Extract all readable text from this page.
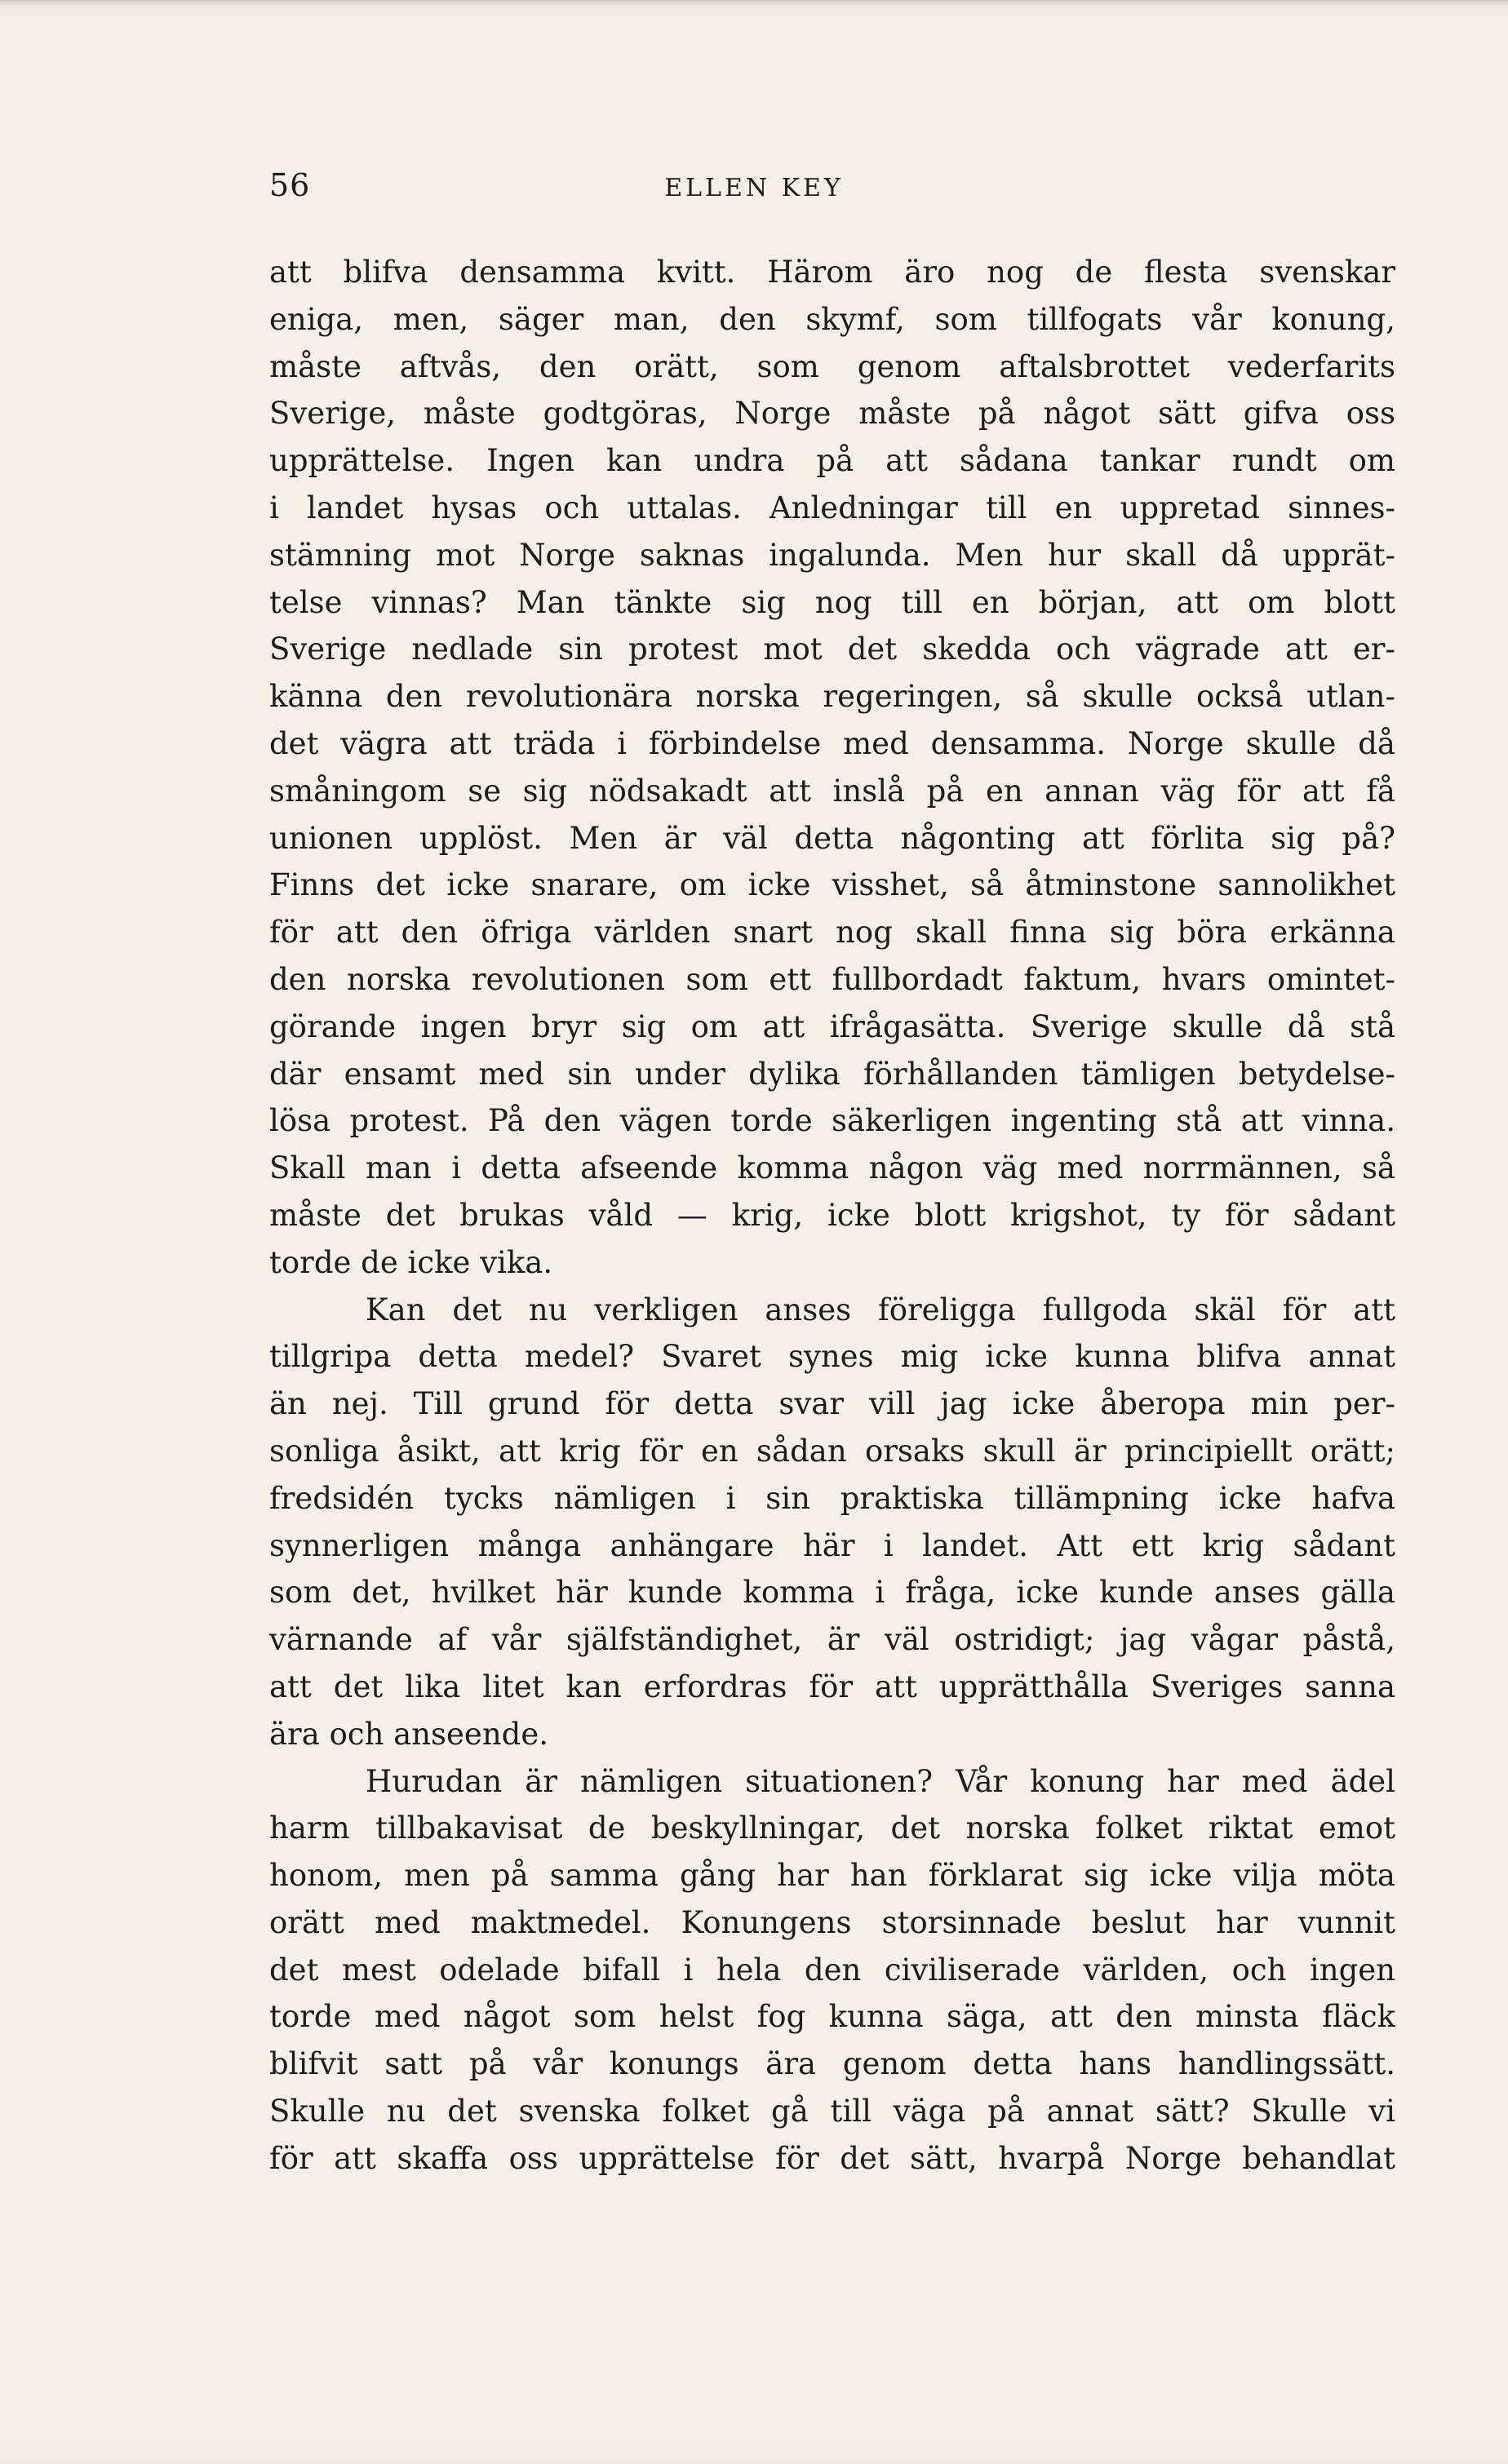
56	ELLEN KEY
att blifva densamma kvitt. Härom äro nog de flesta svenskar
eniga, men, säger man, den skymf, som tillfogats vår konung,
måste aftvås, den orätt, som genom aftalsbrottet vederfarits
Sverige, måste godtgöras, Norge måste på något sätt gifva oss
upprättelse. Ingen kan undra på att sådana tankar rundt om
i landet hysas och uttalas. Anledningar till en uppretad sinnes-
stämning mot Norge saknas ingalunda. Men hur skall då upprät-
telse vinnas? Man tänkte sig nog till en början, att om blott
Sverige nedlade sin protest mot det skedda och vägrade att er-
känna den revolutionära norska regeringen, så skulle också utlan-
det vägra att träda i förbindelse med densamma. Norge skulle då
småningom se sig nödsakadt att inslå på en annan väg för att få
unionen upplöst. Men är väl detta någonting att förlita sig på?
Finns det icke snarare, om icke visshet, så åtminstone sannolikhet
för att den öfriga världen snart nog skall finna sig böra erkänna
den norska revolutionen som ett fullbordadt faktum, hvars omintet-
görande ingen bryr sig om att ifrågasätta. Sverige skulle då stå
där ensamt med sin under dylika förhållanden tämligen betydelse-
lösa protest. På den vägen torde säkerligen ingenting stå att vinna.
Skall man i detta afseende komma någon väg med norrmännen, så
måste det brukas våld — krig, icke blott krigshot, ty för sådant
torde de icke vika.
Kan det nu verkligen anses föreligga fullgoda skäl för att
tillgripa detta medel? Svaret synes mig icke kunna blifva annat
än nej. Till grund för detta svar vill jag icke åberopa min per-
sonliga åsikt, att krig för en sådan orsaks skull är principiellt orätt;
fredsidén tycks nämligen i sin praktiska tillämpning icke hafva
synnerligen många anhängare här i landet. Att ett krig sådant
som det, hvilket här kunde komma i fråga, icke kunde anses gälla
värnande af vår själfständighet, är väl ostridigt; jag vågar påstå,
att det lika litet kan erfordras för att upprätthålla Sveriges sanna
ära och anseende.
Hurudan är nämligen situationen? Vår konung har med ädel
harm tillbakavisat de beskyllningar, det norska folket riktat emot
honom, men på samma gång har han förklarat sig icke vilja möta
orätt med maktmedel. Konungens storsinnade beslut har vunnit
det mest odelade bifall i hela den civiliserade världen, och ingen
torde med något som helst fog kunna säga, att den minsta fläck
blifvit satt på vår konungs ära genom detta hans handlingssätt.
Skulle nu det svenska folket gå till väga på annat sätt? Skulle vi
för att skaffa oss upprättelse för det sätt, hvarpå Norge behandlat
